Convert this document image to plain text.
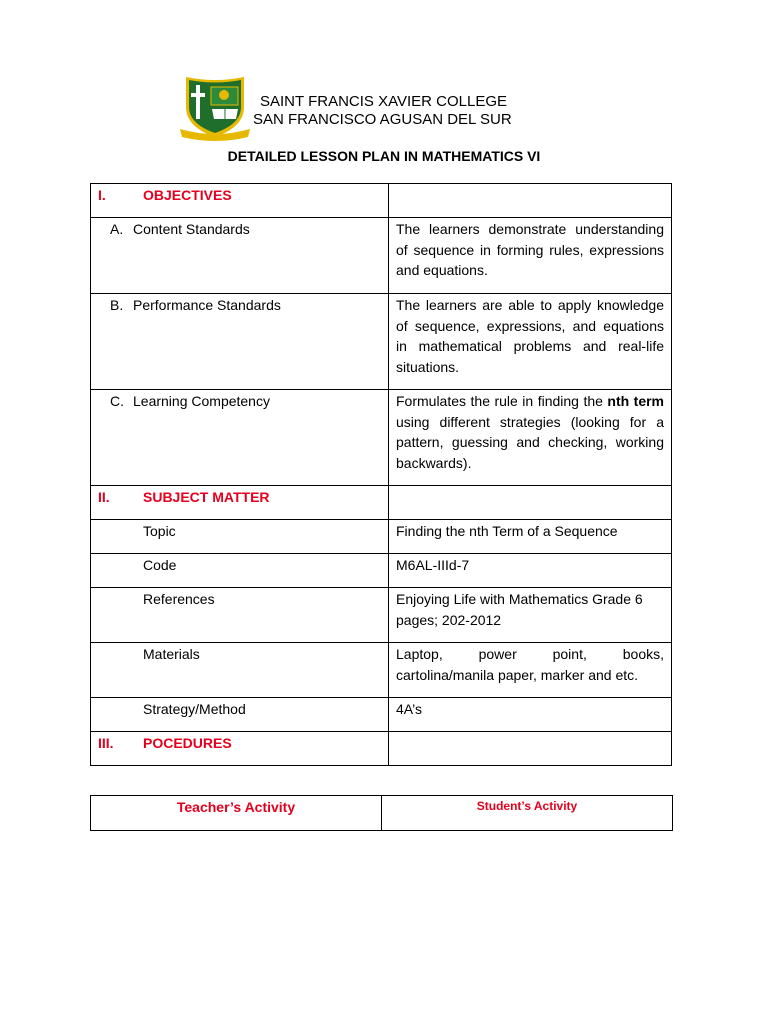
SAINT FRANCIS XAVIER COLLEGE
SAN FRANCISCO AGUSAN DEL SUR
DETAILED LESSON PLAN IN MATHEMATICS VI
I. OBJECTIVES	

A. Content Standards	The learners demonstrate understanding of sequence in forming rules, expressions and equations.

B. Performance Standards	The learners are able to apply knowledge of sequence, expressions, and equations in mathematical problems and real-life situations.

C. Learning Competency	Formulates the rule in finding the nth term using different strategies (looking for a pattern, guessing and checking, working backwards).
II. SUBJECT MATTER	

Topic	Finding the nth Term of a Sequence

Code	M6AL-IIId-7

References	Enjoying Life with Mathematics Grade 6 pages; 202-2012

Materials	Laptop, power point, books, cartolina/manila paper, marker and etc.

Strategy/Method	4A’s
III. POCEDURES	
Teacher’s Activity	Student’s Activity
